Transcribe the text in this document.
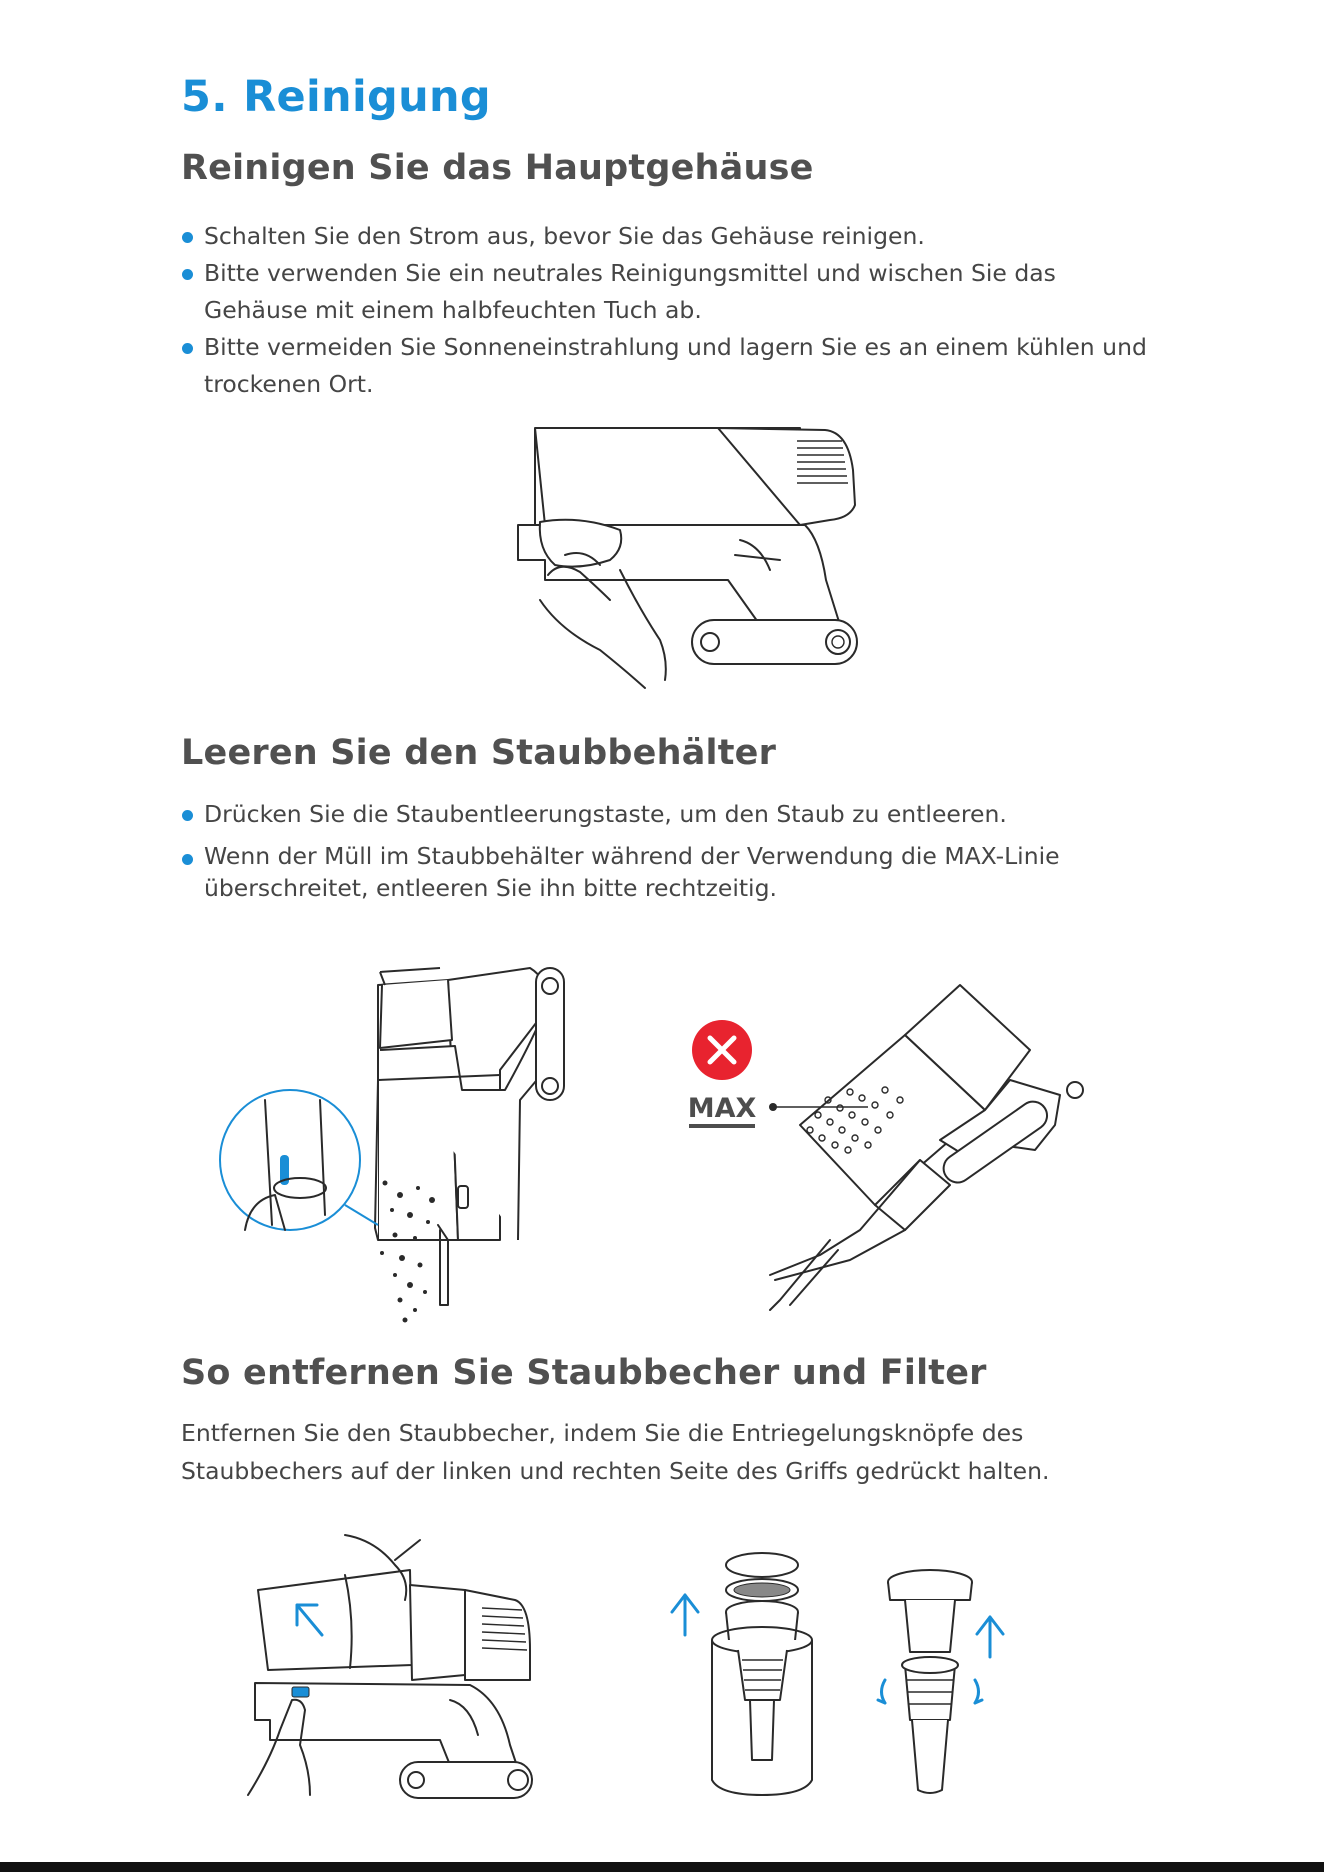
5. Reinigung
Reinigen Sie das Hauptgehäuse
Schalten Sie den Strom aus, bevor Sie das Gehäuse reinigen.
Bitte verwenden Sie ein neutrales Reinigungsmittel und wischen Sie das Gehäuse mit einem halbfeuchten Tuch ab.
Bitte vermeiden Sie Sonneneinstrahlung und lagern Sie es an einem kühlen und trockenen Ort.
Leeren Sie den Staubbehälter
Drücken Sie die Staubentleerungstaste, um den Staub zu entleeren.
Wenn der Müll im Staubbehälter während der Verwendung die MAX-Linie überschreitet, entleeren Sie ihn bitte rechtzeitig.
MAX
So entfernen Sie Staubbecher und Filter

Entfernen Sie den Staubbecher, indem Sie die Entriegelungsknöpfe des Staubbechers auf der linken und rechten Seite des Griffs gedrückt halten.
